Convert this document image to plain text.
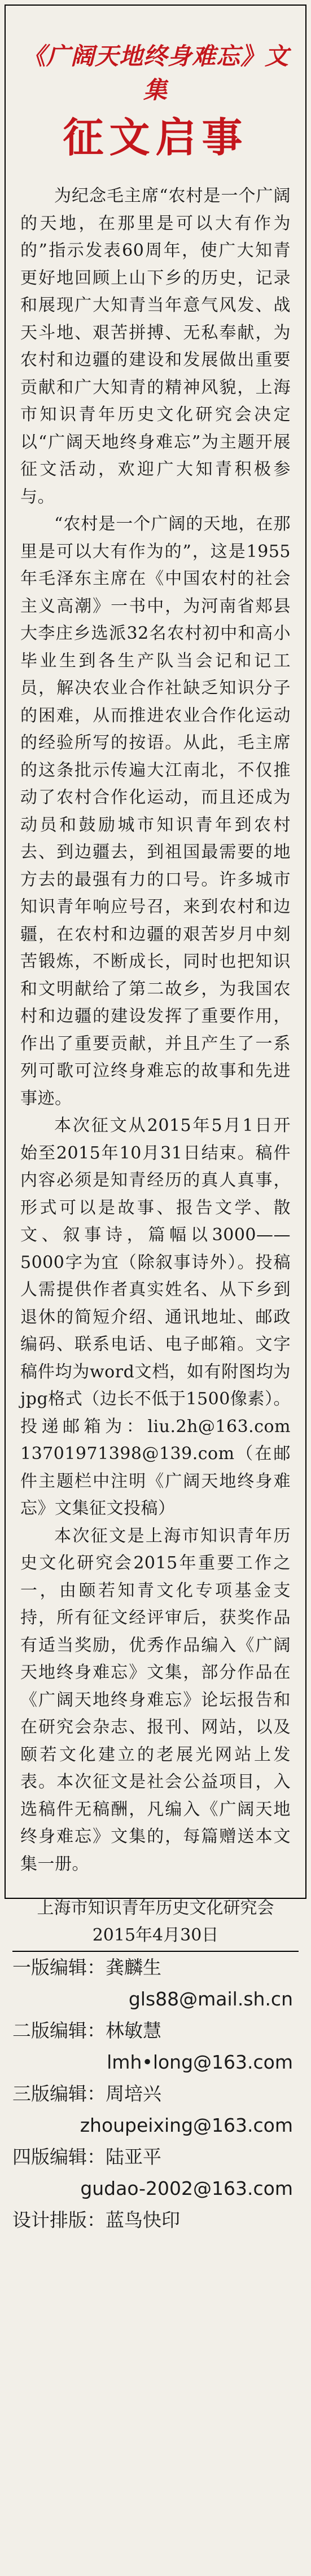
《广阔天地终身难忘》文集
征文启事

为纪念毛主席“农村是一个广阔的天地，在那里是可以大有作为的”指示发表60周年，使广大知青更好地回顾上山下乡的历史，记录和展现广大知青当年意气风发、战天斗地、艰苦拼搏、无私奉献，为农村和边疆的建设和发展做出重要贡献和广大知青的精神风貌，上海市知识青年历史文化研究会决定以“广阔天地终身难忘”为主题开展征文活动，欢迎广大知青积极参与。

“农村是一个广阔的天地，在那里是可以大有作为的”，这是1955年毛泽东主席在《中国农村的社会主义高潮》一书中，为河南省郏县大李庄乡选派32名农村初中和高小毕业生到各生产队当会记和记工员，解决农业合作社缺乏知识分子的困难，从而推进农业合作化运动的经验所写的按语。从此，毛主席的这条批示传遍大江南北，不仅推动了农村合作化运动，而且还成为动员和鼓励城市知识青年到农村去、到边疆去，到祖国最需要的地方去的最强有力的口号。许多城市知识青年响应号召，来到农村和边疆，在农村和边疆的艰苦岁月中刻苦锻炼，不断成长，同时也把知识和文明献给了第二故乡，为我国农村和边疆的建设发挥了重要作用，作出了重要贡献，并且产生了一系列可歌可泣终身难忘的故事和先进事迹。

本次征文从2015年5月1日开始至2015年10月31日结束。稿件内容必须是知青经历的真人真事，形式可以是故事、报告文学、散文、叙事诗，篇幅以3000——5000字为宜（除叙事诗外）。投稿人需提供作者真实姓名、从下乡到退休的简短介绍、通讯地址、邮政编码、联系电话、电子邮箱。文字稿件均为word文档，如有附图均为jpg格式（边长不低于1500像素）。投递邮箱为：liu.2h@163.com 13701971398@139.com（在邮件主题栏中注明《广阔天地终身难忘》文集征文投稿）

本次征文是上海市知识青年历史文化研究会2015年重要工作之一，由颐若知青文化专项基金支持，所有征文经评审后，获奖作品有适当奖励，优秀作品编入《广阔天地终身难忘》文集，部分作品在《广阔天地终身难忘》论坛报告和在研究会杂志、报刊、网站，以及颐若文化建立的老展光网站上发表。本次征文是社会公益项目，入选稿件无稿酬，凡编入《广阔天地终身难忘》文集的，每篇赠送本文集一册。

上海市知识青年历史文化研究会
2015年4月30日
一版编辑：龚麟生
gls88@mail.sh.cn
二版编辑：林敏慧
lmh•long@163.com
三版编辑：周培兴
zhoupeixing@163.com
四版编辑：陆亚平
gudao-2002@163.com
设计排版：蓝鸟快印
